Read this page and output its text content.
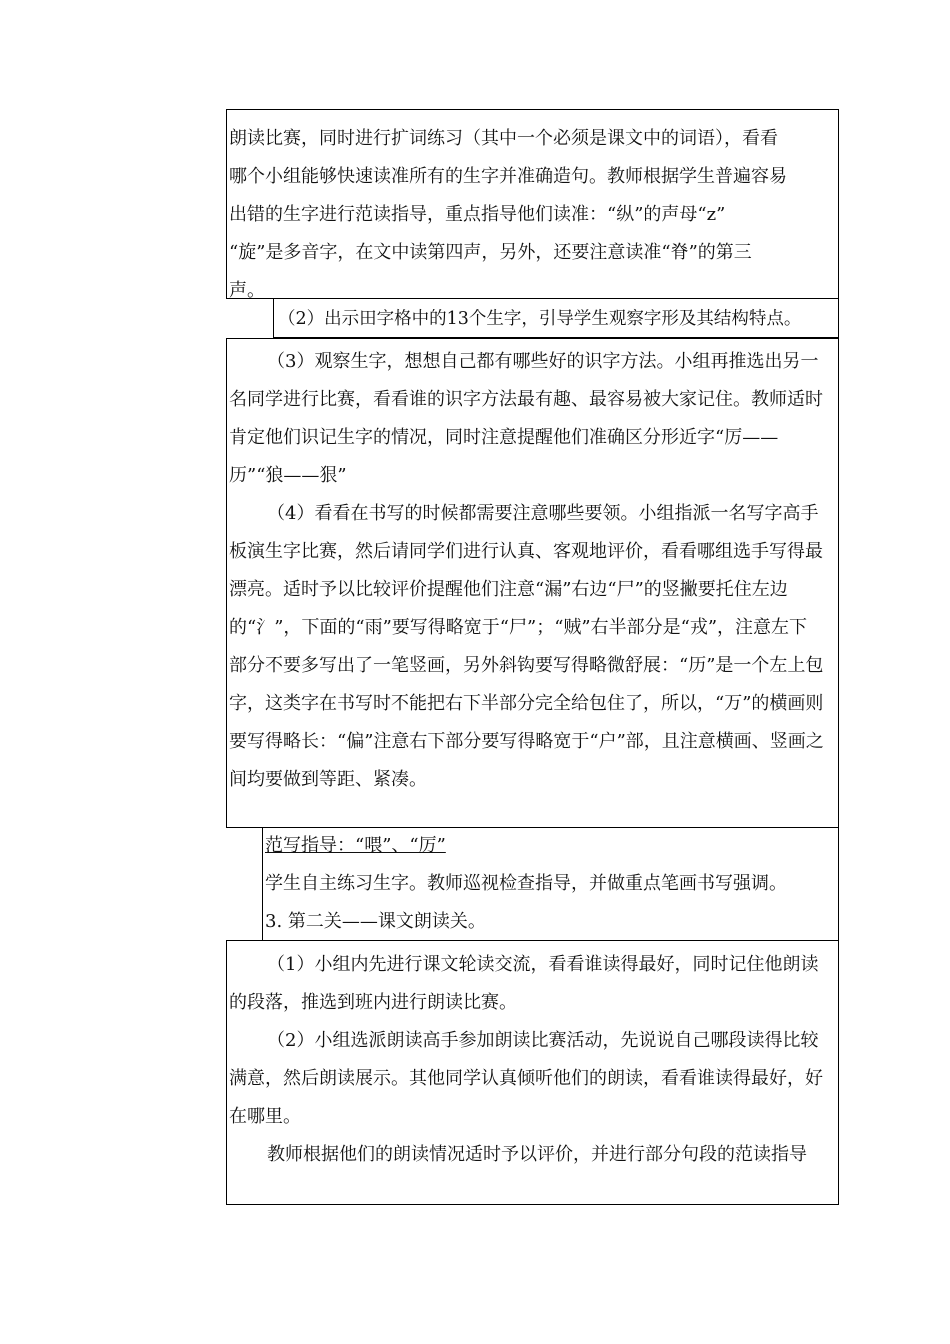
朗读比赛，同时进行扩词练习（其中一个必须是课文中的词语），看看

哪个小组能够快速读准所有的生字并准确造句。教师根据学生普遍容易

出错的生字进行范读指导，重点指导他们读准：“纵”的声母“z”

“旋”是多音字，在文中读第四声，另外，还要注意读准“脊”的第三

声。

（2）出示田字格中的13个生字，引导学生观察字形及其结构特点。

（3）观察生字，想想自己都有哪些好的识字方法。小组再推选出另一名同学进行比赛，看看谁的识字方法最有趣、最容易被大家记住。教师适时肯定他们识记生字的情况，同时注意提醒他们准确区分形近字“厉——历”“狼——狠”

（4）看看在书写的时候都需要注意哪些要领。小组指派一名写字高手板演生字比赛，然后请同学们进行认真、客观地评价，看看哪组选手写得最漂亮。适时予以比较评价提醒他们注意“漏”右边“尸”的竖撇要托住左边的“氵”，下面的“雨”要写得略宽于“尸”；“贼”右半部分是“戎”，注意左下部分不要多写出了一笔竖画，另外斜钩要写得略微舒展：“历”是一个左上包字，这类字在书写时不能把右下半部分完全给包住了，所以，“万”的横画则要写得略长：“偏”注意右下部分要写得略宽于“户”部，且注意横画、竖画之间均要做到等距、紧凑。

范写指导：“喂”、“厉”

学生自主练习生字。教师巡视检查指导，并做重点笔画书写强调。

3. 第二关——课文朗读关。

（1）小组内先进行课文轮读交流，看看谁读得最好，同时记住他朗读的段落，推选到班内进行朗读比赛。

（2）小组选派朗读高手参加朗读比赛活动，先说说自己哪段读得比较满意，然后朗读展示。其他同学认真倾听他们的朗读，看看谁读得最好，好在哪里。

教师根据他们的朗读情况适时予以评价，并进行部分句段的范读指导
